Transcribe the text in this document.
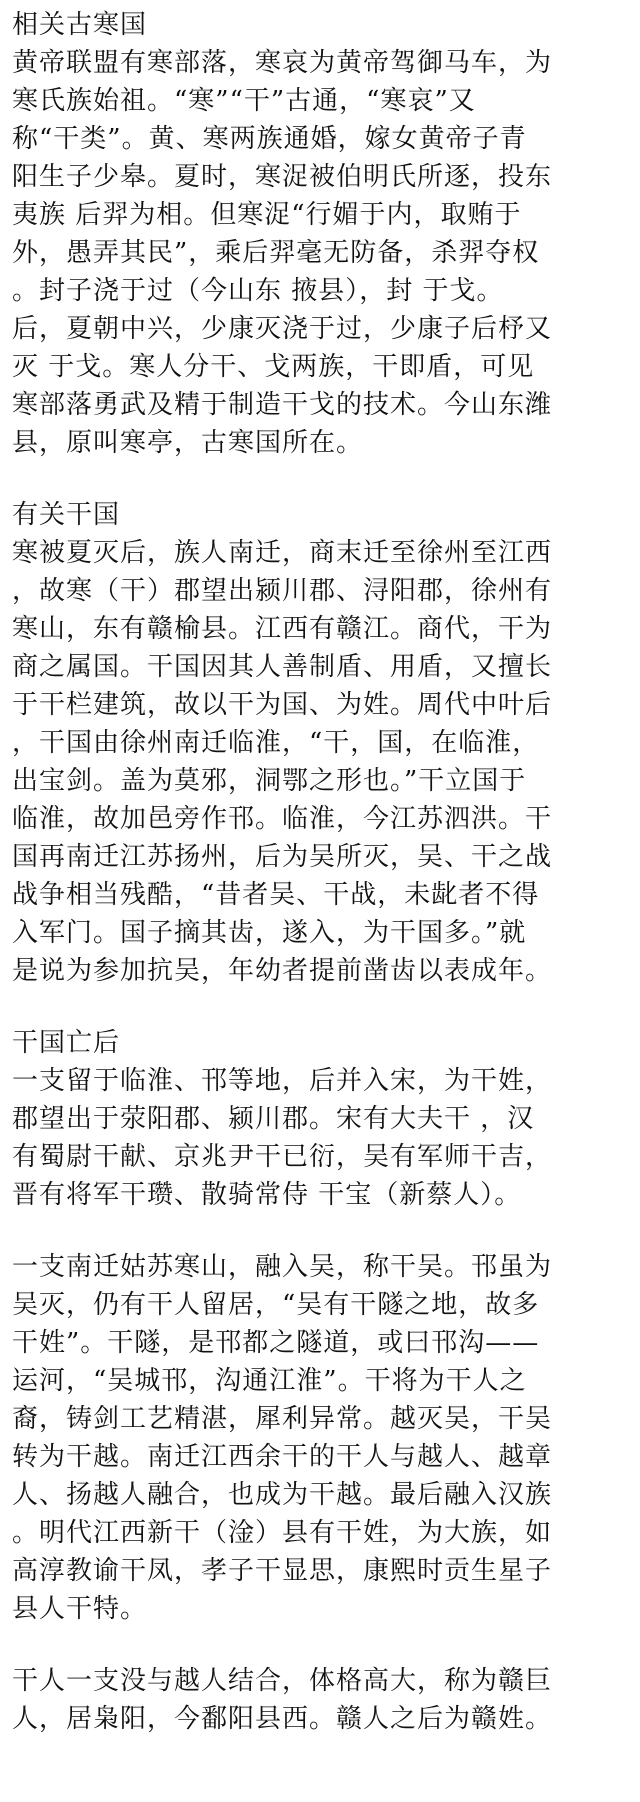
相关古寒国
黄帝联盟有寒部落，寒哀为黄帝驾御马车，为
寒氏族始祖。“寒”“干”古通，“寒哀”又
称“干类”。黄、寒两族通婚，嫁女黄帝子青
阳生子少皋。夏时，寒浞被伯明氏所逐，投东
夷族 后羿为相。但寒浞“行媚于内，取贿于
外，愚弄其民”，乘后羿毫无防备，杀羿夺权
。封子浇于过（今山东 掖县），封 于戈。
后，夏朝中兴，少康灭浇于过，少康子后杼又
灭 于戈。寒人分干、戈两族，干即盾，可见
寒部落勇武及精于制造干戈的技术。今山东潍
县，原叫寒亭，古寒国所在。
有关干国
寒被夏灭后，族人南迁，商末迁至徐州至江西
，故寒（干）郡望出颍川郡、浔阳郡，徐州有
寒山，东有赣榆县。江西有赣江。商代，干为
商之属国。干国因其人善制盾、用盾，又擅长
于干栏建筑，故以干为国、为姓。周代中叶后
，干国由徐州南迁临淮，“干，国，在临淮，
出宝剑。盖为莫邪，洞鄂之形也。”干立国于
临淮，故加邑旁作邗。临淮，今江苏泗洪。干
国再南迁江苏扬州，后为吴所灭，吴、干之战
战争相当残酷，“昔者吴、干战，未龀者不得
入军门。国子摘其齿，遂入，为干国多。”就
是说为参加抗吴，年幼者提前凿齿以表成年。
干国亡后
一支留于临淮、邗等地，后并入宋，为干姓，
郡望出于荥阳郡、颍川郡。宋有大夫干 ，汉
有蜀尉干献、京兆尹干已衍，吴有军师干吉，
晋有将军干瓒、散骑常侍 干宝（新蔡人）。
一支南迁姑苏寒山，融入吴，称干吴。邗虽为
吴灭，仍有干人留居，“吴有干隧之地，故多
干姓”。干隧，是邗都之隧道，或曰邗沟——
运河，“吴城邗，沟通江淮”。干将为干人之
裔，铸剑工艺精湛，犀利异常。越灭吴，干吴
转为干越。南迁江西余干的干人与越人、越章
人、扬越人融合，也成为干越。最后融入汉族
。明代江西新干（淦）县有干姓，为大族，如
高淳教谕干凤，孝子干显思，康熙时贡生星子
县人干特。
干人一支没与越人结合，体格高大，称为赣巨
人，居枭阳，今鄱阳县西。赣人之后为赣姓。
